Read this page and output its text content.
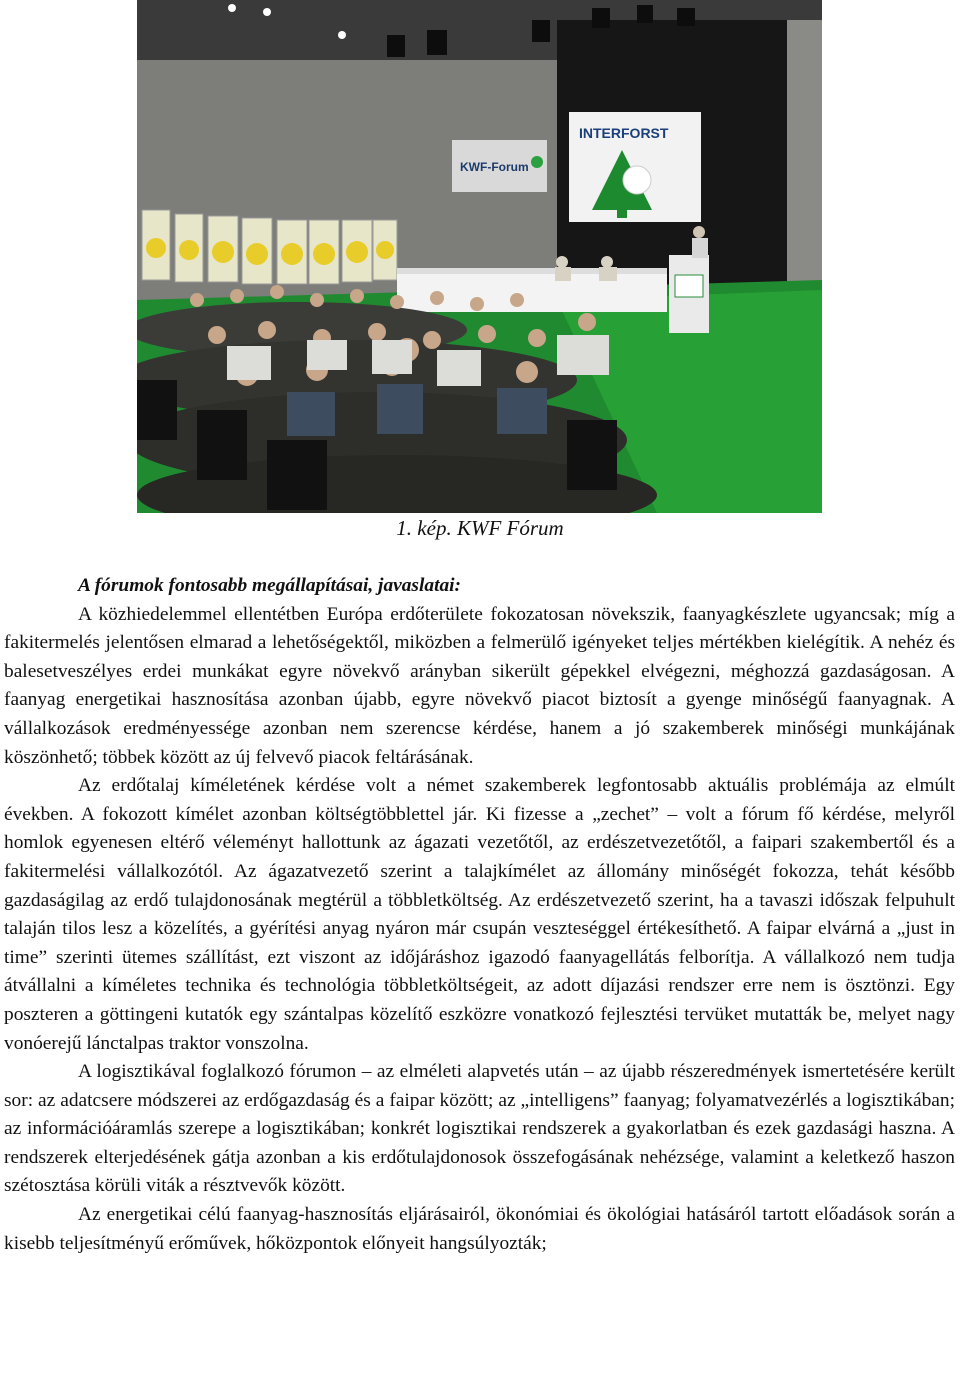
KWF-Forum
INTERFORST
1. kép. KWF Fórum

A fórumok fontosabb megállapításai, javaslatai:

A közhiedelemmel ellentétben Európa erdőterülete fokozatosan növekszik, faanyagkészlete ugyancsak; míg a fakitermelés jelentősen elmarad a lehetőségektől, miközben a felmerülő igényeket teljes mértékben kielégítik. A nehéz és balesetveszélyes erdei munkákat egyre növekvő arányban sikerült gépekkel elvégezni, méghozzá gazdaságosan. A faanyag energetikai hasznosítása azonban újabb, egyre növekvő piacot biztosít a gyenge minőségű faanyagnak. A vállalkozások eredményessége azonban nem szerencse kérdése, hanem a jó szakemberek minőségi munkájának köszönhető; többek között az új felvevő piacok feltárásának.

Az erdőtalaj kíméletének kérdése volt a német szakemberek legfontosabb aktuális problémája az elmúlt években. A fokozott kímélet azonban költségtöbblettel jár. Ki fizesse a „zechet” – volt a fórum fő kérdése, melyről homlok egyenesen eltérő véleményt hallottunk az ágazati vezetőtől, az erdészetvezetőtől, a faipari szakembertől és a fakitermelési vállalkozótól. Az ágazatvezető szerint a talajkímélet az állomány minőségét fokozza, tehát később gazdaságilag az erdő tulajdonosának megtérül a többletköltség. Az erdészetvezető szerint, ha a tavaszi időszak felpuhult talaján tilos lesz a közelítés, a gyérítési anyag nyáron már csupán veszteséggel értékesíthető. A faipar elvárná a „just in time” szerinti ütemes szállítást, ezt viszont az időjáráshoz igazodó faanyagellátás felborítja. A vállalkozó nem tudja átvállalni a kíméletes technika és technológia többletköltségeit, az adott díjazási rendszer erre nem is ösztönzi. Egy poszteren a göttingeni kutatók egy szántalpas közelítő eszközre vonatkozó fejlesztési tervüket mutatták be, melyet nagy vonóerejű lánctalpas traktor vonszolna.

A logisztikával foglalkozó fórumon – az elméleti alapvetés után – az újabb részeredmények ismertetésére került sor: az adatcsere módszerei az erdőgazdaság és a faipar között; az „intelligens” faanyag; folyamatvezérlés a logisztikában; az információáramlás szerepe a logisztikában; konkrét logisztikai rendszerek a gyakorlatban és ezek gazdasági haszna. A rendszerek elterjedésének gátja azonban a kis erdőtulajdonosok összefogásának nehézsége, valamint a keletkező haszon szétosztása körüli viták a résztvevők között.

Az energetikai célú faanyag-hasznosítás eljárásairól, ökonómiai és ökológiai hatásáról tartott előadások során a kisebb teljesítményű erőművek, hőközpontok előnyeit hangsúlyozták;
